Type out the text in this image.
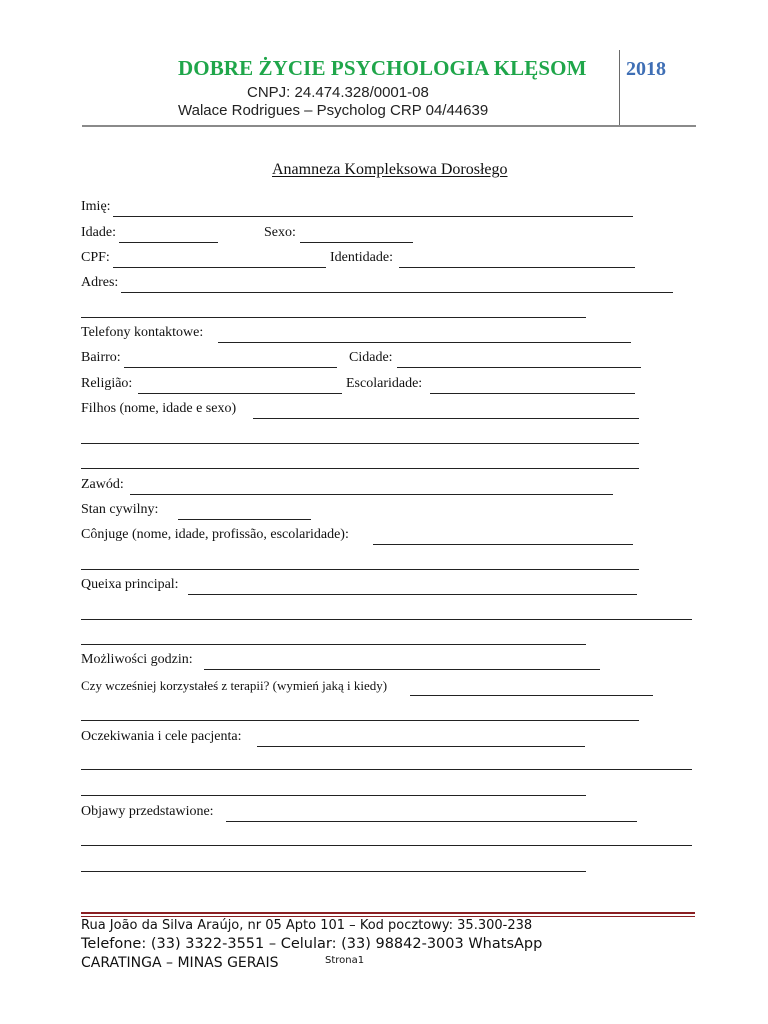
DOBRE ŻYCIE PSYCHOLOGIA KLĘSOM 2018
CNPJ: 24.474.328/0001-08
Walace Rodrigues – Psycholog CRP 04/44639
Anamneza Kompleksowa Dorosłego
Imię:
Idade:	Sexo:
CPF:	Identidade:
Adres:
Telefony kontaktowe:
Bairro:	Cidade:
Religião:	Escolaridade:
Filhos (nome, idade e sexo)
Zawód:
Stan cywilny:
Cônjuge (nome, idade, profissão, escolaridade):
Queixa principal:
Możliwości godzin:
Czy wcześniej korzystałeś z terapii? (wymień jaką i kiedy)
Oczekiwania i cele pacjenta:
Objawy przedstawione:
Rua João da Silva Araújo, nr 05 Apto 101 – Kod pocztowy: 35.300-238
Telefone: (33) 3322-3551 – Celular: (33) 98842-3003 WhatsApp
CARATINGA – MINAS GERAIS	Strona1
